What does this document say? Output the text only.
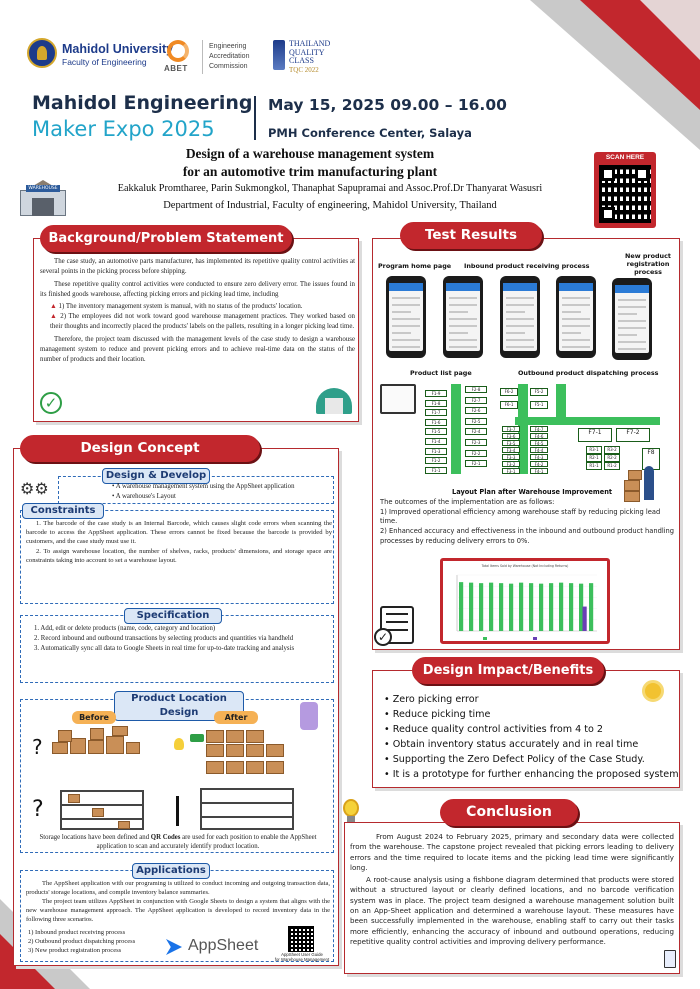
Mahidol University
Faculty of Engineering
ABET
Engineering
Accreditation
Commission
THAILAND
QUALITY
CLASS
TQC 2022
Mahidol Engineering
Maker Expo 2025
May 15, 2025 09.00 – 16.00
PMH Conference Center, Salaya
Design of a warehouse management system
for an automotive trim manufacturing plant
Eakkaluk Promtharee, Parin Sukmongkol, Thanaphat Sapupramai and Assoc.Prof.Dr Thanyarat Wasusri
Department of Industrial, Faculty of engineering, Mahidol University, Thailand
WAREHOUSE
SCAN HERE
Background/Problem Statement

The case study, an automotive parts manufacturer, has implemented its repetitive quality control activities at several points in the picking process before shipping.

These repetitive quality control activities were conducted to ensure zero delivery error. The issues found in its finished goods warehouse, affecting picking errors and picking lead time, including

▲ 1) The inventory management system is manual, with no status of the products' location.

▲ 2) The employees did not work toward good warehouse management practices. They worked based on their thoughts and incorrectly placed the products' labels on the pallets, resulting in a longer picking lead time.

Therefore, the project team discussed with the management levels of the case study to design a warehouse management system to reduce and prevent picking errors and to achieve real-time data on the status of the number of products and their location.

✓
Design Concept
Design & Develop
• A warehouse management system using the AppSheet application
• A warehouse's Layout
⚙⚙
Constraints

1. The barcode of the case study is an Internal Barcode, which causes slight code errors when scanning the barcode to access the AppSheet application. These errors cannot be fixed because the barcode is provided by customers, and the case study must use it.

2. To assign warehouse location, the number of shelves, racks, products' dimensions, and storage space are constraints taking into account to set a warehouse layout.

Specification

1. Add, edit or delete products (name, code, category and location)

2. Record inbound and outbound transactions by selecting products and quantities via handheld

3. Automatically sync all data to Google Sheets in real time for up-to-date tracking and analysis

Product Location Design
Before	After
?
?
Storage locations have been defined and QR Codes are used for each position to enable the AppSheet application to scan and accurately identify product location.
Applications

The AppSheet application with our programing is utilized to conduct incoming and outgoing transaction data, products' storage locations, and compile inventory balance summaries.

The project team utilizes AppSheet in conjunction with Google Sheets to design a system that aligns with the new warehouse management approach. The AppSheet application is developed to record inventory data in the following three scenarios.

1) Inbound product receiving process
2) Outbound product dispatching process
3) New product registration process	AppSheet
AppSheet User Guide
for Warehouse Management
Test Results
Program home page Inbound product receiving process
New product
registration process
Product list page	Outbound product dispatching process
F1-9
F1-8
F1-7
F1-6
F1-5
F1-4
F1-3
F1-2
F1-1
F2-8
F2-7
F2-6
F2-5
F2-4
F2-3
F2-2
F2-1
F3-7
F3-6
F3-5
F3-4
F3-3
F3-2
F3-1
F4-7
F4-6
F4-5
F4-4
F4-3
F4-2
F4-1
F6-2
F6-1
F5-2
F5-1
F7-1	F7-2
F8
R3-1
R2-1
R1-1
R3-2
R2-2
R1-2
Layout Plan after Warehouse Improvement
The outcomes of the implementation are as follows:
1) Improved operational efficiency among warehouse staff by reducing picking lead time.
2) Enhanced accuracy and effectiveness in the inbound and outbound product handling processes by reducing delivery errors to 0%.
Total Items Sold by Warehouse (Not Including Returns)
✓
Design Impact/Benefits
• Zero picking error
• Reduce picking time
• Reduce quality control activities from 4 to 2
• Obtain inventory status accurately and in real time
• Supporting the Zero Defect Policy of the Case Study.
• It is a prototype for further enhancing the proposed system
Conclusion

From August 2024 to February 2025, primary and secondary data were collected from the warehouse. The capstone project revealed that picking errors leading to delivery errors and the time required to locate items and the picking lead time were significantly long.

A root-cause analysis using a fishbone diagram determined that products were stored without a structured layout or clearly defined locations, and no barcode verification system was in place. The project team designed a warehouse management solution built on an App-Sheet application and determined a warehouse layout. These measures have been successfully implemented in the warehouse, enabling staff to carry out their tasks more efficiently, enhancing the accuracy of inbound and outbound operations, reducing repetitive quality control activities and improving delivery performance.
